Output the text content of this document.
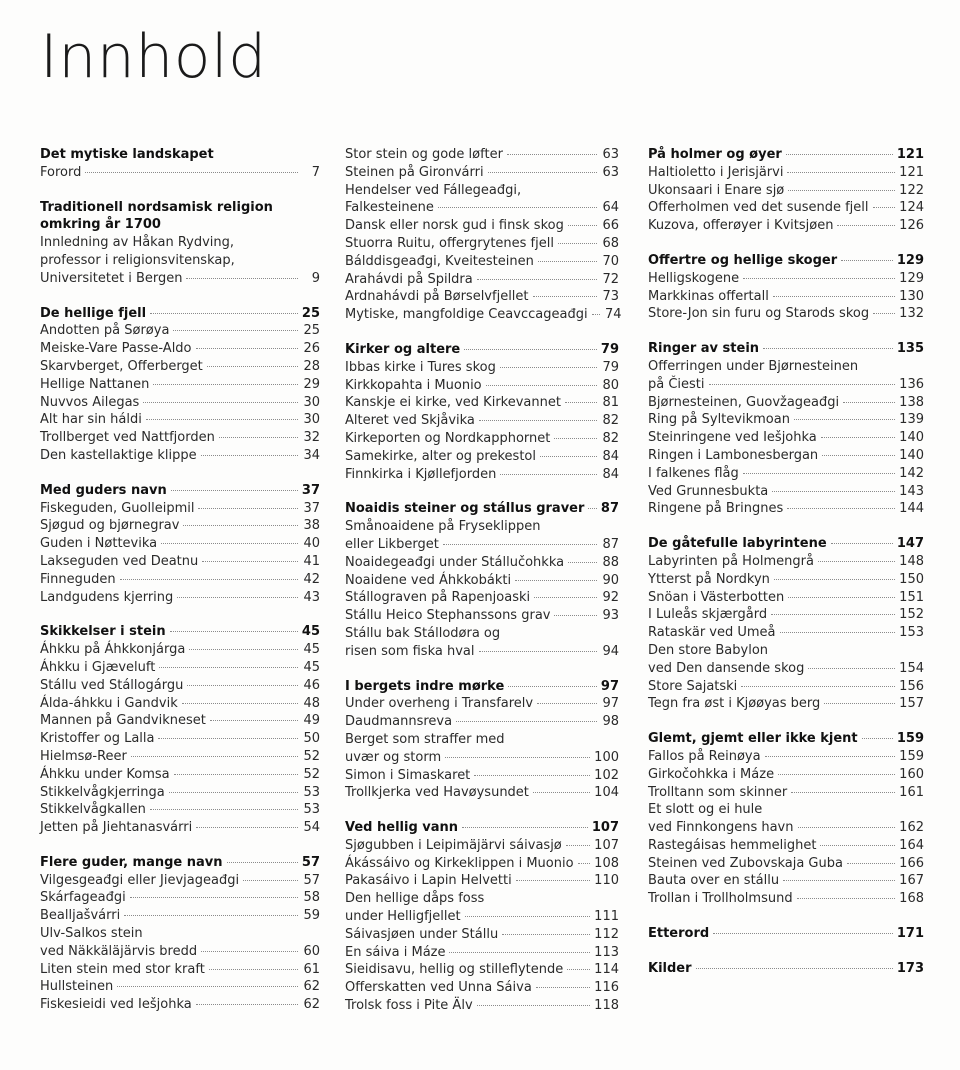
Innhold
Det mytiske landskapet
Forord	7
Traditionell nordsamisk religion
omkring år 1700
Innledning av Håkan Rydving,
professor i religionsvitenskap,
Universitetet i Bergen	9
De hellige fjell	25
Andotten på Sørøya	25
Meiske-Vare Passe-Aldo	26
Skarvberget, Offerberget	28
Hellige Nattanen	29
Nuvvos Ailegas	30
Alt har sin háldi	30
Trollberget ved Nattfjorden	32
Den kastellaktige klippe	34
Med guders navn	37
Fiskeguden, Guolleipmil	37
Sjøgud og bjørnegrav	38
Guden i Nøttevika	40
Lakseguden ved Deatnu	41
Finneguden	42
Landgudens kjerring	43
Skikkelser i stein	45
Áhkku på Áhkkonjárga	45
Áhkku i Gjæveluft	45
Stállu ved Stállogárgu	46
Álda-áhkku i Gandvik	48
Mannen på Gandvikneset	49
Kristoffer og Lalla	50
Hielmsø-Reer	52
Áhkku under Komsa	52
Stikkelvågkjerringa	53
Stikkelvågkallen	53
Jetten på Jiehtanasvárri	54
Flere guder, mange navn	57
Vilgesgeađgi eller Jievjageađgi	57
Skárfageađgi	58
Bealljašvárri	59
Ulv-Salkos stein
ved Näkkäläjärvis bredd	60
Liten stein med stor kraft	61
Hullsteinen	62
Fiskesieidi ved Iešjohka	62
Stor stein og gode løfter	63
Steinen på Gironvárri	63
Hendelser ved Fállegeađgi,
Falkesteinene	64
Dansk eller norsk gud i finsk skog	66
Stuorra Ruitu, offergrytenes fjell	68
Bálddisgeađgi, Kveitesteinen	70
Arahávdi på Spildra	72
Ardnahávdi på Børselvfjellet	73
Mytiske, mangfoldige Ceavccageađgi 74
Kirker og altere	79
Ibbas kirke i Tures skog	79
Kirkkopahta i Muonio	80
Kanskje ei kirke, ved Kirkevannet	81
Alteret ved Skjåvika	82
Kirkeporten og Nordkapphornet	82
Samekirke, alter og prekestol	84
Finnkirka i Kjøllefjorden	84
Noaidis steiner og stállus graver 87
Smånoaidene på Fryseklippen
eller Likberget	87
Noaidegeađgi under Stállučohkka	88
Noaidene ved Áhkkobákti	90
Stállograven på Rapenjoaski	92
Stállu Heico Stephanssons grav	93
Stállu bak Stállodøra og
risen som fiska hval	94
I bergets indre mørke	97
Under overheng i Transfarelv	97
Daudmannsreva	98
Berget som straffer med
uvær og storm	100
Simon i Simaskaret	102
Trollkjerka ved Havøysundet	104
Ved hellig vann	107
Sjøgubben i Leipimäjärvi sáivasjø 107
Ákássáivo og Kirkeklippen i Muonio 108
Pakasáivo i Lapin Helvetti	110
Den hellige dåps foss
under Helligfjellet	111
Sáivasjøen under Stállu	112
En sáiva i Máze	113
Sieidisavu, hellig og stilleflytende 114
Offerskatten ved Unna Sáiva	116
Trolsk foss i Pite Älv	118
På holmer og øyer	121
Haltioletto i Jerisjärvi	121
Ukonsaari i Enare sjø	122
Offerholmen ved det susende fjell 124
Kuzova, offerøyer i Kvitsjøen	126
Offertre og hellige skoger	129
Helligskogene	129
Markkinas offertall	130
Store-Jon sin furu og Starods skog 132
Ringer av stein	135
Offerringen under Bjørnesteinen
på Čiesti	136
Bjørnesteinen, Guovžageađgi	138
Ring på Syltevikmoan	139
Steinringene ved Iešjohka	140
Ringen i Lambonesbergan	140
I falkenes flåg	142
Ved Grunnesbukta	143
Ringene på Bringnes	144
De gåtefulle labyrintene	147
Labyrinten på Holmengrå	148
Ytterst på Nordkyn	150
Snöan i Västerbotten	151
I Luleås skjærgård	152
Rataskär ved Umeå	153
Den store Babylon
ved Den dansende skog	154
Store Sajatski	156
Tegn fra øst i Kjøøyas berg	157
Glemt, gjemt eller ikke kjent	159
Fallos på Reinøya	159
Girkočohkka i Máze	160
Trolltann som skinner	161
Et slott og ei hule
ved Finnkongens havn	162
Rastegáisas hemmelighet	164
Steinen ved Zubovskaja Guba	166
Bauta over en stállu	167
Trollan i Trollholmsund	168
Etterord	171
Kilder	173
